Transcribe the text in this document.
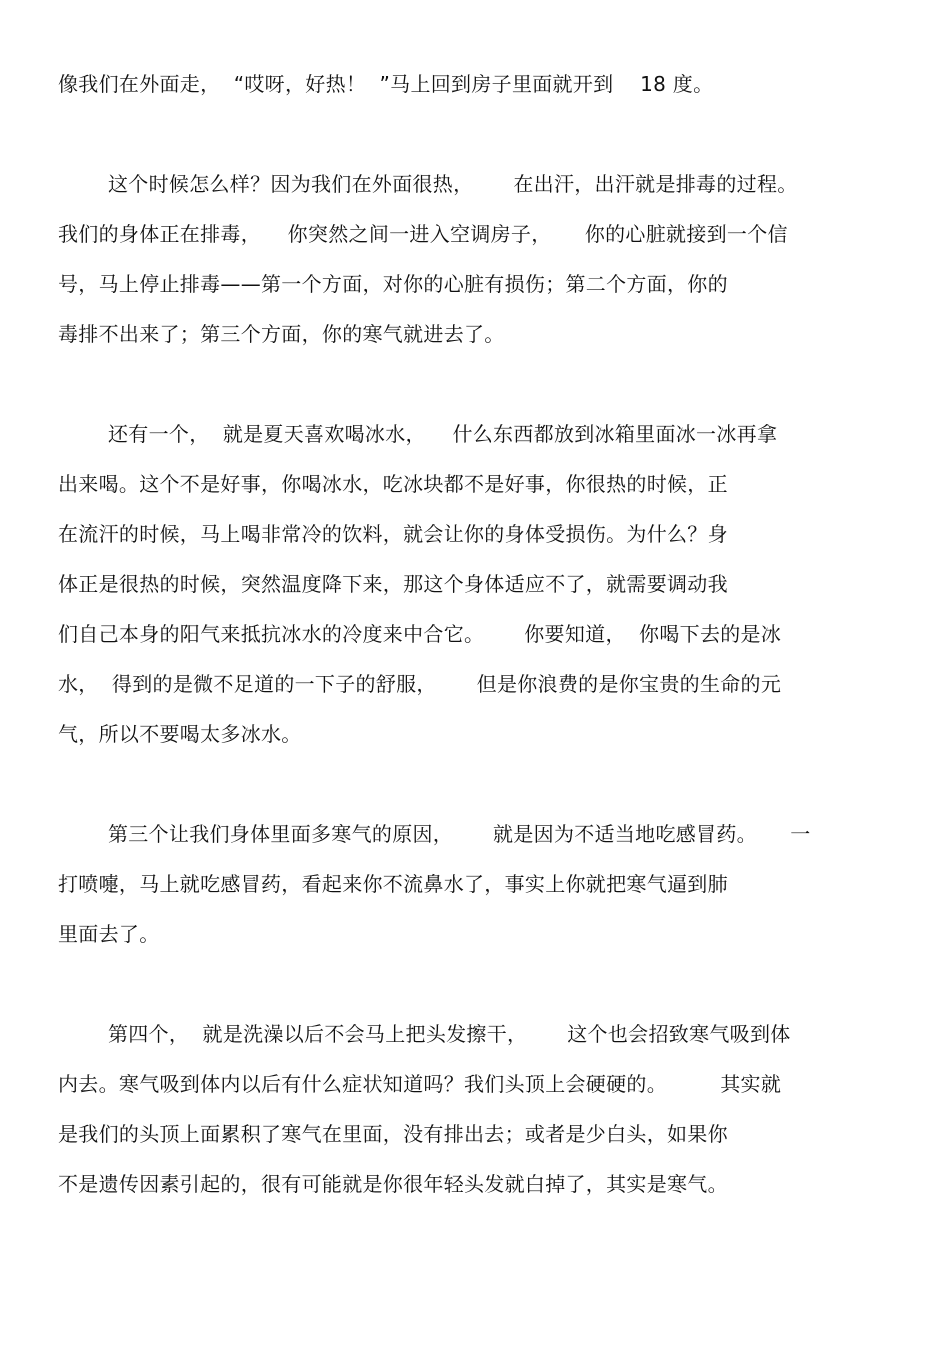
像我们在外面走，  “哎呀，好热！  ”马上回到房子里面就开到    18 度。
这个时候怎么样？因为我们在外面很热，      在出汗，出汗就是排毒的过程。
我们的身体正在排毒，    你突然之间一进入空调房子，     你的心脏就接到一个信
号，马上停止排毒——第一个方面，对你的心脏有损伤；第二个方面，你的
毒排不出来了；第三个方面，你的寒气就进去了。
还有一个，  就是夏天喜欢喝冰水，    什么东西都放到冰箱里面冰一冰再拿
出来喝。这个不是好事，你喝冰水，吃冰块都不是好事，你很热的时候，正
在流汗的时候，马上喝非常冷的饮料，就会让你的身体受损伤。为什么？身
体正是很热的时候，突然温度降下来，那这个身体适应不了，就需要调动我
们自己本身的阳气来抵抗冰水的冷度来中合它。      你要知道，  你喝下去的是冰
水，  得到的是微不足道的一下子的舒服，      但是你浪费的是你宝贵的生命的元
气，所以不要喝太多冰水。
第三个让我们身体里面多寒气的原因，      就是因为不适当地吃感冒药。     一
打喷嚏，马上就吃感冒药，看起来你不流鼻水了，事实上你就把寒气逼到肺
里面去了。
第四个，  就是洗澡以后不会马上把头发擦干，      这个也会招致寒气吸到体
内去。寒气吸到体内以后有什么症状知道吗？我们头顶上会硬硬的。        其实就
是我们的头顶上面累积了寒气在里面，没有排出去；或者是少白头，如果你
不是遗传因素引起的，很有可能就是你很年轻头发就白掉了，其实是寒气。
